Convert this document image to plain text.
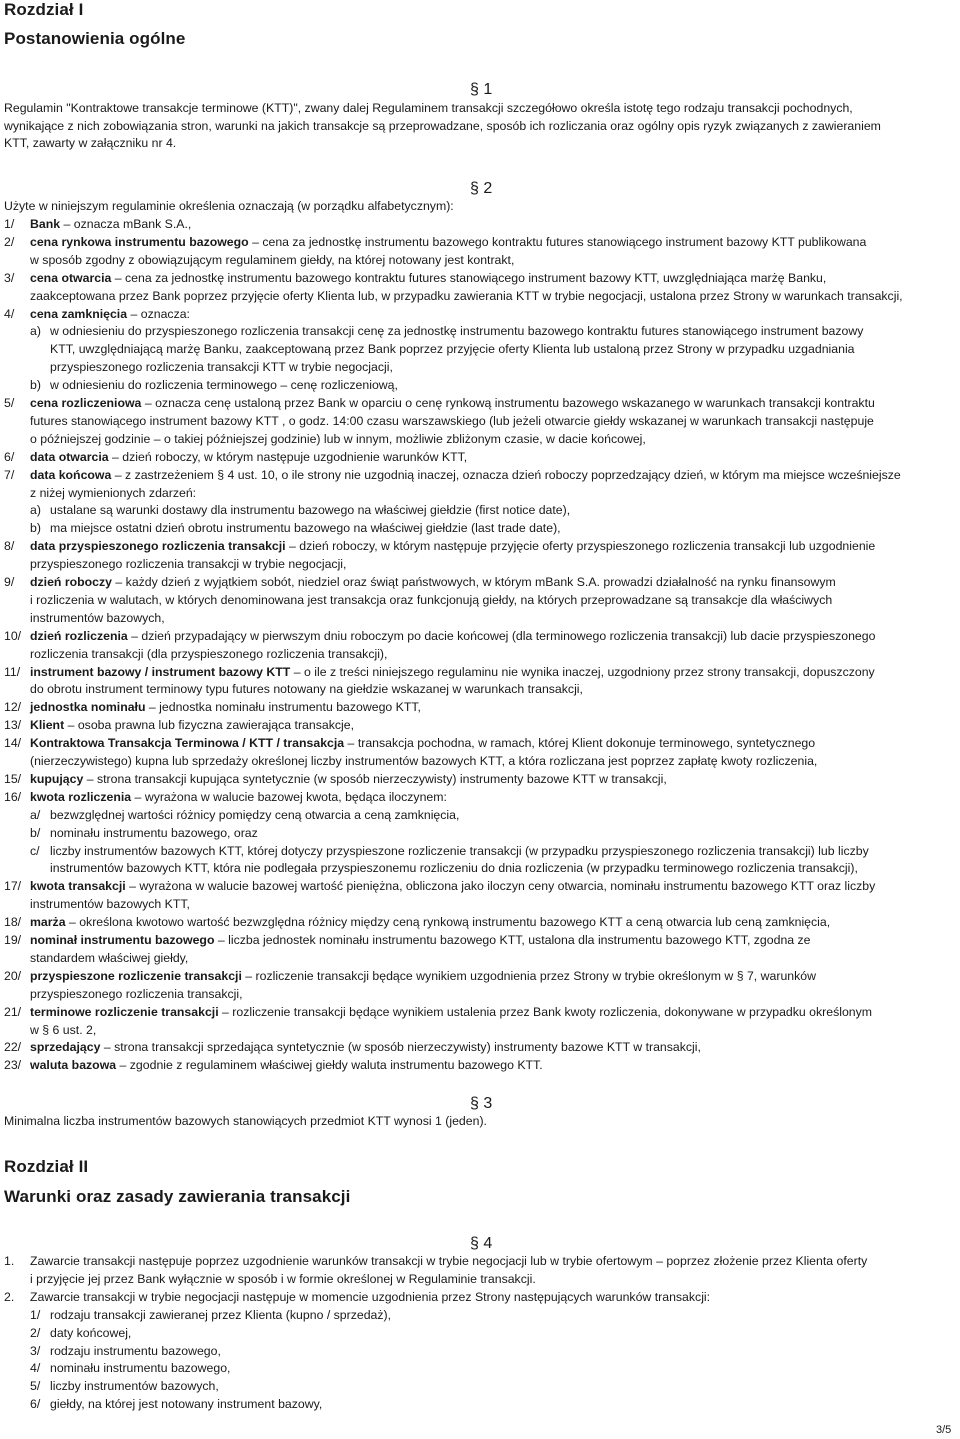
Rozdział I
Postanowienia ogólne
§ 1
Regulamin "Kontraktowe transakcje terminowe (KTT)", zwany dalej Regulaminem transakcji szczegółowo określa istotę tego rodzaju transakcji pochodnych,
wynikające z nich zobowiązania stron, warunki na jakich transakcje są przeprowadzane, sposób ich rozliczania oraz ogólny opis ryzyk związanych z zawieraniem
KTT, zawarty w załączniku nr 4.
§ 2
Użyte w niniejszym regulaminie określenia oznaczają (w porządku alfabetycznym):
1/ Bank – oznacza mBank S.A.,
2/ cena rynkowa instrumentu bazowego – cena za jednostkę instrumentu bazowego kontraktu futures stanowiącego instrument bazowy KTT publikowana
w sposób zgodny z obowiązującym regulaminem giełdy, na której notowany jest kontrakt,
3/ cena otwarcia – cena za jednostkę instrumentu bazowego kontraktu futures stanowiącego instrument bazowy KTT, uwzględniająca marżę Banku,
zaakceptowana przez Bank poprzez przyjęcie oferty Klienta lub, w przypadku zawierania KTT w trybie negocjacji, ustalona przez Strony w warunkach transakcji,
4/ cena zamknięcia – oznacza:
a) w odniesieniu do przyspieszonego rozliczenia transakcji cenę za jednostkę instrumentu bazowego kontraktu futures stanowiącego instrument bazowy
KTT, uwzględniającą marżę Banku, zaakceptowaną przez Bank poprzez przyjęcie oferty Klienta lub ustaloną przez Strony w przypadku uzgadniania
przyspieszonego rozliczenia transakcji KTT w trybie negocjacji,
b) w odniesieniu do rozliczenia terminowego – cenę rozliczeniową,
5/ cena rozliczeniowa – oznacza cenę ustaloną przez Bank w oparciu o cenę rynkową instrumentu bazowego wskazanego w warunkach transakcji kontraktu
futures stanowiącego instrument bazowy KTT , o godz. 14:00 czasu warszawskiego (lub jeżeli otwarcie giełdy wskazanej w warunkach transakcji następuje
o późniejszej godzinie – o takiej późniejszej godzinie) lub w innym, możliwie zbliżonym czasie, w dacie końcowej,
6/ data otwarcia – dzień roboczy, w którym następuje uzgodnienie warunków KTT,
7/ data końcowa – z zastrzeżeniem § 4 ust. 10, o ile strony nie uzgodnią inaczej, oznacza dzień roboczy poprzedzający dzień, w którym ma miejsce wcześniejsze
z niżej wymienionych zdarzeń:
a) ustalane są warunki dostawy dla instrumentu bazowego na właściwej giełdzie (first notice date),
b) ma miejsce ostatni dzień obrotu instrumentu bazowego na właściwej giełdzie (last trade date),
8/ data przyspieszonego rozliczenia transakcji – dzień roboczy, w którym następuje przyjęcie oferty przyspieszonego rozliczenia transakcji lub uzgodnienie
przyspieszonego rozliczenia transakcji w trybie negocjacji,
9/ dzień roboczy – każdy dzień z wyjątkiem sobót, niedziel oraz świąt państwowych, w którym mBank S.A. prowadzi działalność na rynku finansowym
i rozliczenia w walutach, w których denominowana jest transakcja oraz funkcjonują giełdy, na których przeprowadzane są transakcje dla właściwych
instrumentów bazowych,
10/ dzień rozliczenia – dzień przypadający w pierwszym dniu roboczym po dacie końcowej (dla terminowego rozliczenia transakcji) lub dacie przyspieszonego
rozliczenia transakcji (dla przyspieszonego rozliczenia transakcji),
11/ instrument bazowy / instrument bazowy KTT – o ile z treści niniejszego regulaminu nie wynika inaczej, uzgodniony przez strony transakcji, dopuszczony
do obrotu instrument terminowy typu futures notowany na giełdzie wskazanej w warunkach transakcji,
12/ jednostka nominału – jednostka nominału instrumentu bazowego KTT,
13/ Klient – osoba prawna lub fizyczna zawierająca transakcje,
14/ Kontraktowa Transakcja Terminowa / KTT / transakcja – transakcja pochodna, w ramach, której Klient dokonuje terminowego, syntetycznego
(nierzeczywistego) kupna lub sprzedaży określonej liczby instrumentów bazowych KTT, a która rozliczana jest poprzez zapłatę kwoty rozliczenia,
15/ kupujący – strona transakcji kupująca syntetycznie (w sposób nierzeczywisty) instrumenty bazowe KTT w transakcji,
16/ kwota rozliczenia – wyrażona w walucie bazowej kwota, będąca iloczynem:
a/ bezwzględnej wartości różnicy pomiędzy ceną otwarcia a ceną zamknięcia,
b/ nominału instrumentu bazowego, oraz
c/ liczby instrumentów bazowych KTT, której dotyczy przyspieszone rozliczenie transakcji (w przypadku przyspieszonego rozliczenia transakcji) lub liczby
instrumentów bazowych KTT, która nie podlegała przyspieszonemu rozliczeniu do dnia rozliczenia (w przypadku terminowego rozliczenia transakcji),
17/ kwota transakcji – wyrażona w walucie bazowej wartość pieniężna, obliczona jako iloczyn ceny otwarcia, nominału instrumentu bazowego KTT oraz liczby
instrumentów bazowych KTT,
18/ marża – określona kwotowo wartość bezwzględna różnicy między ceną rynkową instrumentu bazowego KTT a ceną otwarcia lub ceną zamknięcia,
19/ nominał instrumentu bazowego – liczba jednostek nominału instrumentu bazowego KTT, ustalona dla instrumentu bazowego KTT, zgodna ze
standardem właściwej giełdy,
20/ przyspieszone rozliczenie transakcji – rozliczenie transakcji będące wynikiem uzgodnienia przez Strony w trybie określonym w § 7, warunków
przyspieszonego rozliczenia transakcji,
21/ terminowe rozliczenie transakcji – rozliczenie transakcji będące wynikiem ustalenia przez Bank kwoty rozliczenia, dokonywane w przypadku określonym
w § 6 ust. 2,
22/ sprzedający – strona transakcji sprzedająca syntetycznie (w sposób nierzeczywisty) instrumenty bazowe KTT w transakcji,
23/ waluta bazowa – zgodnie z regulaminem właściwej giełdy waluta instrumentu bazowego KTT.
§ 3
Minimalna liczba instrumentów bazowych stanowiących przedmiot KTT wynosi 1 (jeden).
Rozdział II
Warunki oraz zasady zawierania transakcji
§ 4
1. Zawarcie transakcji następuje poprzez uzgodnienie warunków transakcji w trybie negocjacji lub w trybie ofertowym – poprzez złożenie przez Klienta oferty
i przyjęcie jej przez Bank wyłącznie w sposób i w formie określonej w Regulaminie transakcji.
2. Zawarcie transakcji w trybie negocjacji następuje w momencie uzgodnienia przez Strony następujących warunków transakcji:
1/ rodzaju transakcji zawieranej przez Klienta (kupno / sprzedaż),
2/ daty końcowej,
3/ rodzaju instrumentu bazowego,
4/ nominału instrumentu bazowego,
5/ liczby instrumentów bazowych,
6/ giełdy, na której jest notowany instrument bazowy,
3/5
